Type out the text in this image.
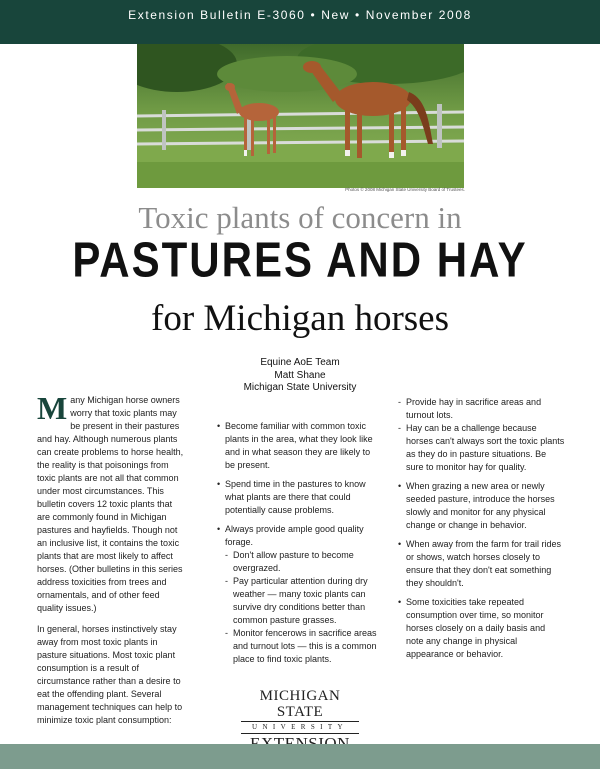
Extension Bulletin E-3060 • New • November 2008
Photos © 2008 Michigan State University Board of Trustees.
Toxic plants of concern in
PASTURES AND HAY
for Michigan horses
Equine AoE Team
Matt Shane
Michigan State University

Many Michigan horse owners worry that toxic plants may be present in their pastures and hay. Although numerous plants can create problems to horse health, the reality is that poisonings from toxic plants are not all that common under most circumstances. This bulletin covers 12 toxic plants that are commonly found in Michigan pastures and hayfields. Though not an inclusive list, it contains the toxic plants that are most likely to affect horses. (Other bulletins in this series address toxicities from trees and ornamentals, and of other feed quality issues.)

In general, horses instinctively stay away from most toxic plants in pasture situations. Most toxic plant consumption is a result of circumstance rather than a desire to eat the offending plant. Several management techniques can help to minimize toxic plant consumption:

• Become familiar with common toxic plants in the area, what they look like and in what season they are likely to be present.
• Spend time in the pastures to know what plants are there that could potentially cause problems.
• Always provide ample good quality forage.
- Don't allow pasture to become overgrazed.
- Pay particular attention during dry weather — many toxic plants can survive dry conditions better than common pasture grasses.
- Monitor fencerows in sacrifice areas and turnout lots — this is a common place to find toxic plants.
- Provide hay in sacrifice areas and turnout lots.
- Hay can be a challenge because horses can't always sort the toxic plants as they do in pasture situations. Be sure to monitor hay for quality.
• When grazing a new area or newly seeded pasture, introduce the horses slowly and monitor for any physical change or change in behavior.
• When away from the farm for trail rides or shows, watch horses closely to ensure that they don't eat something they shouldn't.
• Some toxicities take repeated consumption over time, so monitor horses closely on a daily basis and note any change in physical appearance or behavior.
MICHIGAN STATE
UNIVERSITY
